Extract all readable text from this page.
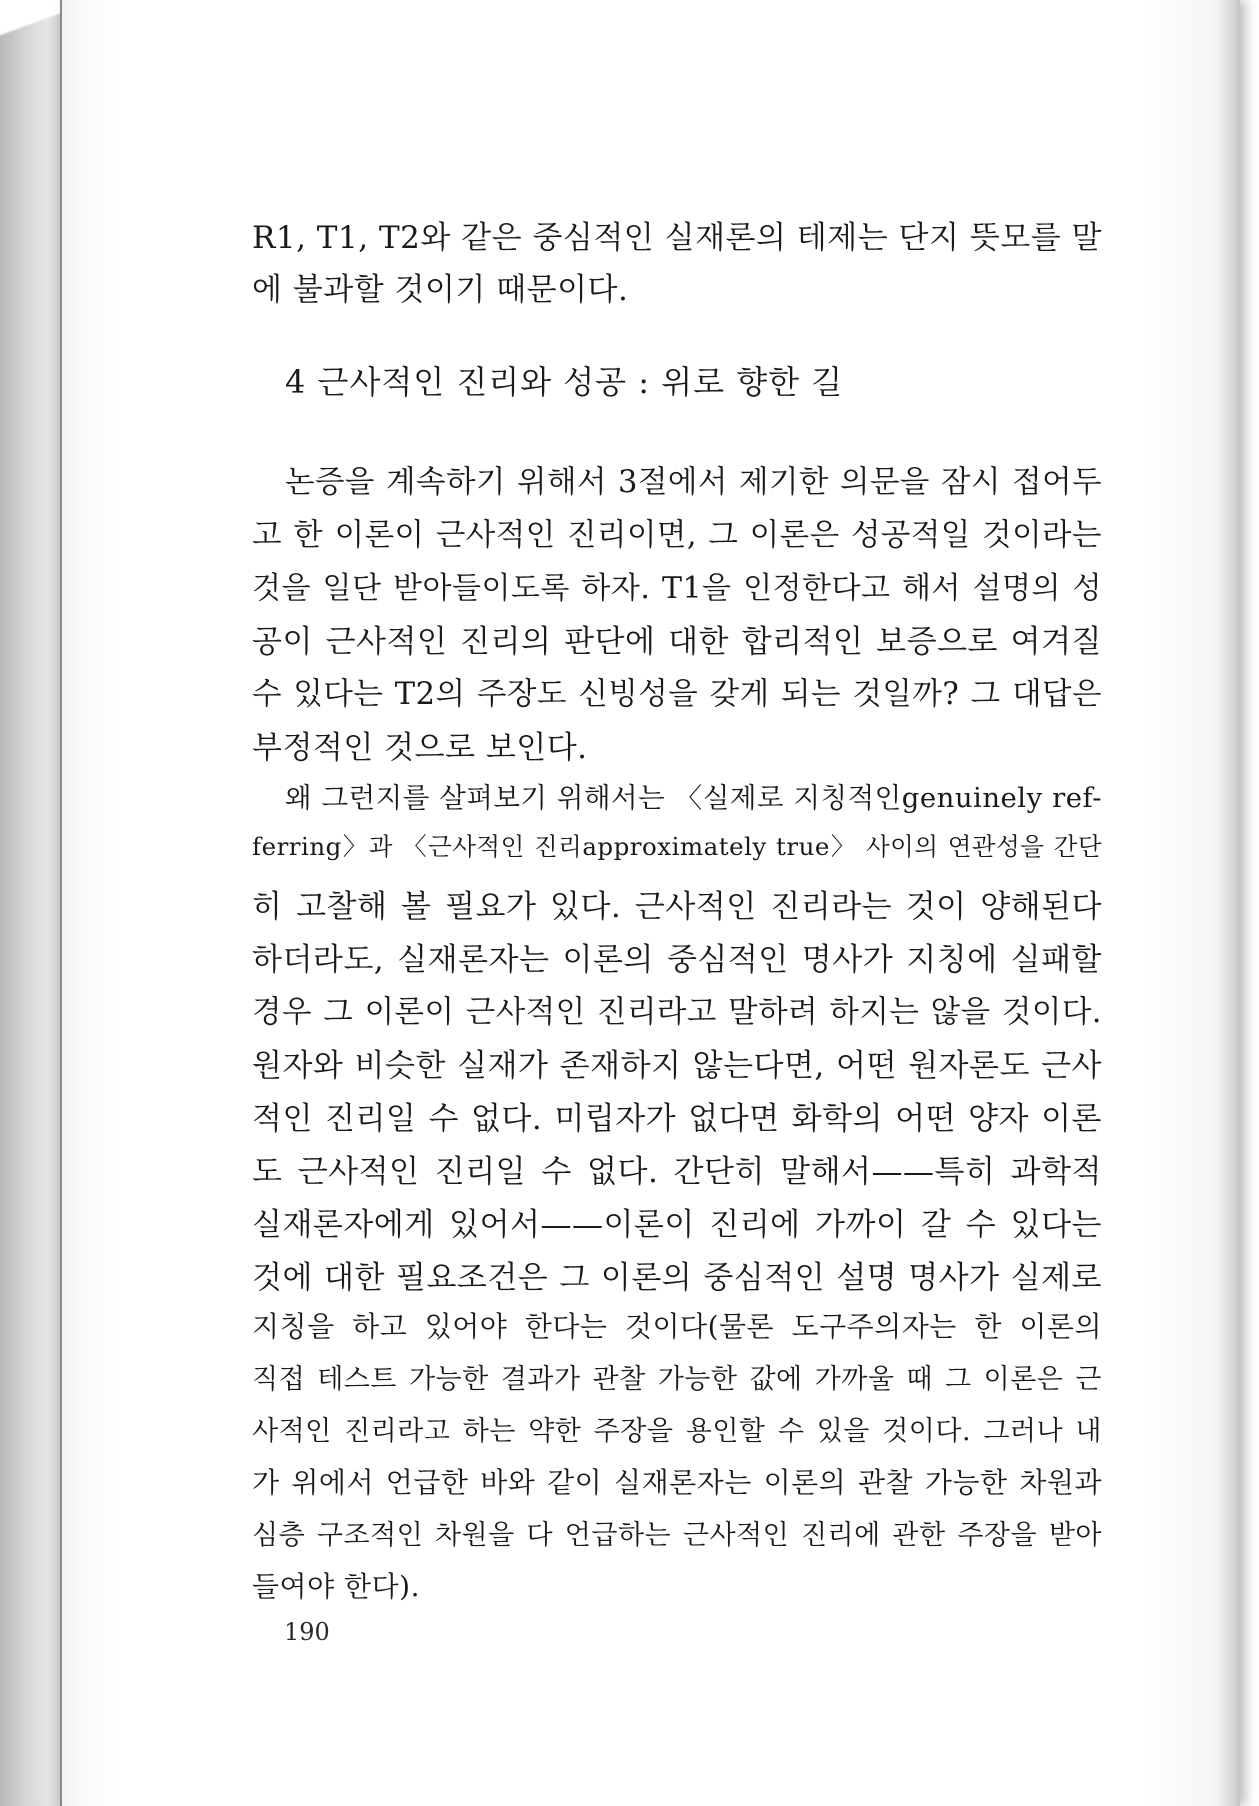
R1, T1, T2와 같은 중심적인 실재론의 테제는 단지 뜻모를 말
에 불과할 것이기 때문이다.
4 근사적인 진리와 성공 : 위로 향한 길
논증을 계속하기 위해서 3절에서 제기한 의문을 잠시 접어두
고 한 이론이 근사적인 진리이면, 그 이론은 성공적일 것이라는
것을 일단 받아들이도록 하자. T1을 인정한다고 해서 설명의 성
공이 근사적인 진리의 판단에 대한 합리적인 보증으로 여겨질
수 있다는 T2의 주장도 신빙성을 갖게 되는 것일까? 그 대답은
부정적인 것으로 보인다.
왜 그런지를 살펴보기 위해서는 〈실제로 지칭적인genuinely ref-
ferring〉과 〈근사적인 진리approximately true〉 사이의 연관성을 간단
히 고찰해 볼 필요가 있다. 근사적인 진리라는 것이 양해된다
하더라도, 실재론자는 이론의 중심적인 명사가 지칭에 실패할
경우 그 이론이 근사적인 진리라고 말하려 하지는 않을 것이다.
원자와 비슷한 실재가 존재하지 않는다면, 어떤 원자론도 근사
적인 진리일 수 없다. 미립자가 없다면 화학의 어떤 양자 이론
도 근사적인 진리일 수 없다. 간단히 말해서——특히 과학적
실재론자에게 있어서——이론이 진리에 가까이 갈 수 있다는
것에 대한 필요조건은 그 이론의 중심적인 설명 명사가 실제로
지칭을 하고 있어야 한다는 것이다(물론 도구주의자는 한 이론의
직접 테스트 가능한 결과가 관찰 가능한 값에 가까울 때 그 이론은 근
사적인 진리라고 하는 약한 주장을 용인할 수 있을 것이다. 그러나 내
가 위에서 언급한 바와 같이 실재론자는 이론의 관찰 가능한 차원과
심층 구조적인 차원을 다 언급하는 근사적인 진리에 관한 주장을 받아
들여야 한다).
190
